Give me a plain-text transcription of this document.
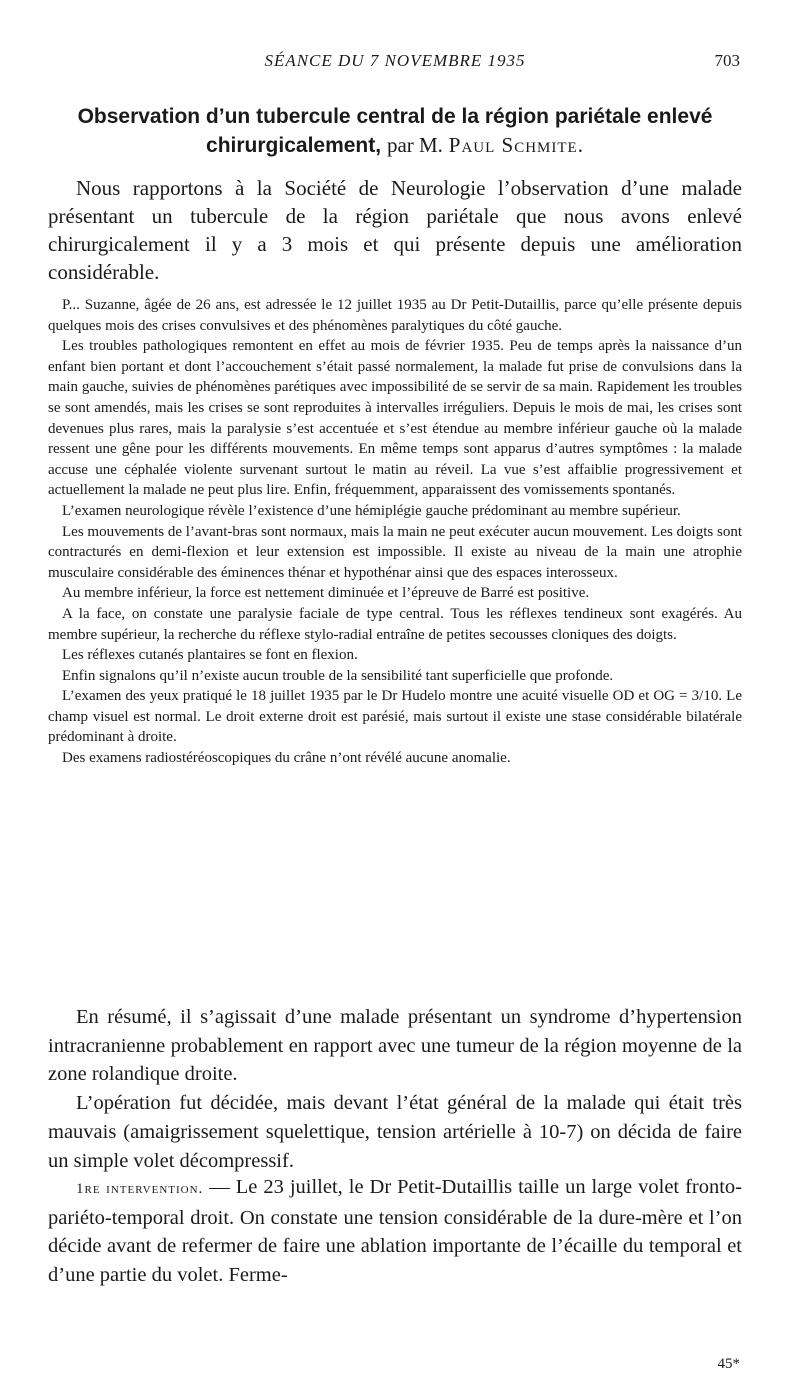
SÉANCE DU 7 NOVEMBRE 1935	703
Observation d’un tubercule central de la région pariétale enlevé chirurgicalement, par M. Paul Schmite.

Nous rapportons à la Société de Neurologie l’observation d’une malade présentant un tubercule de la région pariétale que nous avons enlevé chirurgicalement il y a 3 mois et qui présente depuis une amélioration considérable.

P... Suzanne, âgée de 26 ans, est adressée le 12 juillet 1935 au Dr Petit-Dutaillis, parce qu’elle présente depuis quelques mois des crises convulsives et des phénomènes paralytiques du côté gauche.

Les troubles pathologiques remontent en effet au mois de février 1935. Peu de temps après la naissance d’un enfant bien portant et dont l’accouchement s’était passé normalement, la malade fut prise de convulsions dans la main gauche, suivies de phénomènes parétiques avec impossibilité de se servir de sa main. Rapidement les troubles se sont amendés, mais les crises se sont reproduites à intervalles irréguliers. Depuis le mois de mai, les crises sont devenues plus rares, mais la paralysie s’est accentuée et s’est étendue au membre inférieur gauche où la malade ressent une gêne pour les différents mouvements. En même temps sont apparus d’autres symptômes : la malade accuse une céphalée violente survenant surtout le matin au réveil. La vue s’est affaiblie progressivement et actuellement la malade ne peut plus lire. Enfin, fréquemment, apparaissent des vomissements spontanés.

L’examen neurologique révèle l’existence d’une hémiplégie gauche prédominant au membre supérieur.

Les mouvements de l’avant-bras sont normaux, mais la main ne peut exécuter aucun mouvement. Les doigts sont contracturés en demi-flexion et leur extension est impossible. Il existe au niveau de la main une atrophie musculaire considérable des éminences thénar et hypothénar ainsi que des espaces interosseux.

Au membre inférieur, la force est nettement diminuée et l’épreuve de Barré est positive.

A la face, on constate une paralysie faciale de type central. Tous les réflexes tendineux sont exagérés. Au membre supérieur, la recherche du réflexe stylo-radial entraîne de petites secousses cloniques des doigts.

Les réflexes cutanés plantaires se font en flexion.

Enfin signalons qu’il n’existe aucun trouble de la sensibilité tant superficielle que profonde.

L’examen des yeux pratiqué le 18 juillet 1935 par le Dr Hudelo montre une acuité visuelle OD et OG = 3/10. Le champ visuel est normal. Le droit externe droit est parésié, mais surtout il existe une stase considérable bilatérale prédominant à droite.

Des examens radiostéréoscopiques du crâne n’ont révélé aucune anomalie.

En résumé, il s’agissait d’une malade présentant un syndrome d’hypertension intracranienne probablement en rapport avec une tumeur de la région moyenne de la zone rolandique droite.

L’opération fut décidée, mais devant l’état général de la malade qui était très mauvais (amaigrissement squelettique, tension artérielle à 10-7) on décida de faire un simple volet décompressif.

1re intervention. — Le 23 juillet, le Dr Petit-Dutaillis taille un large volet fronto-pariéto-temporal droit. On constate une tension considérable de la dure-mère et l’on décide avant de refermer de faire une ablation importante de l’écaille du temporal et d’une partie du volet. Ferme-

45*
